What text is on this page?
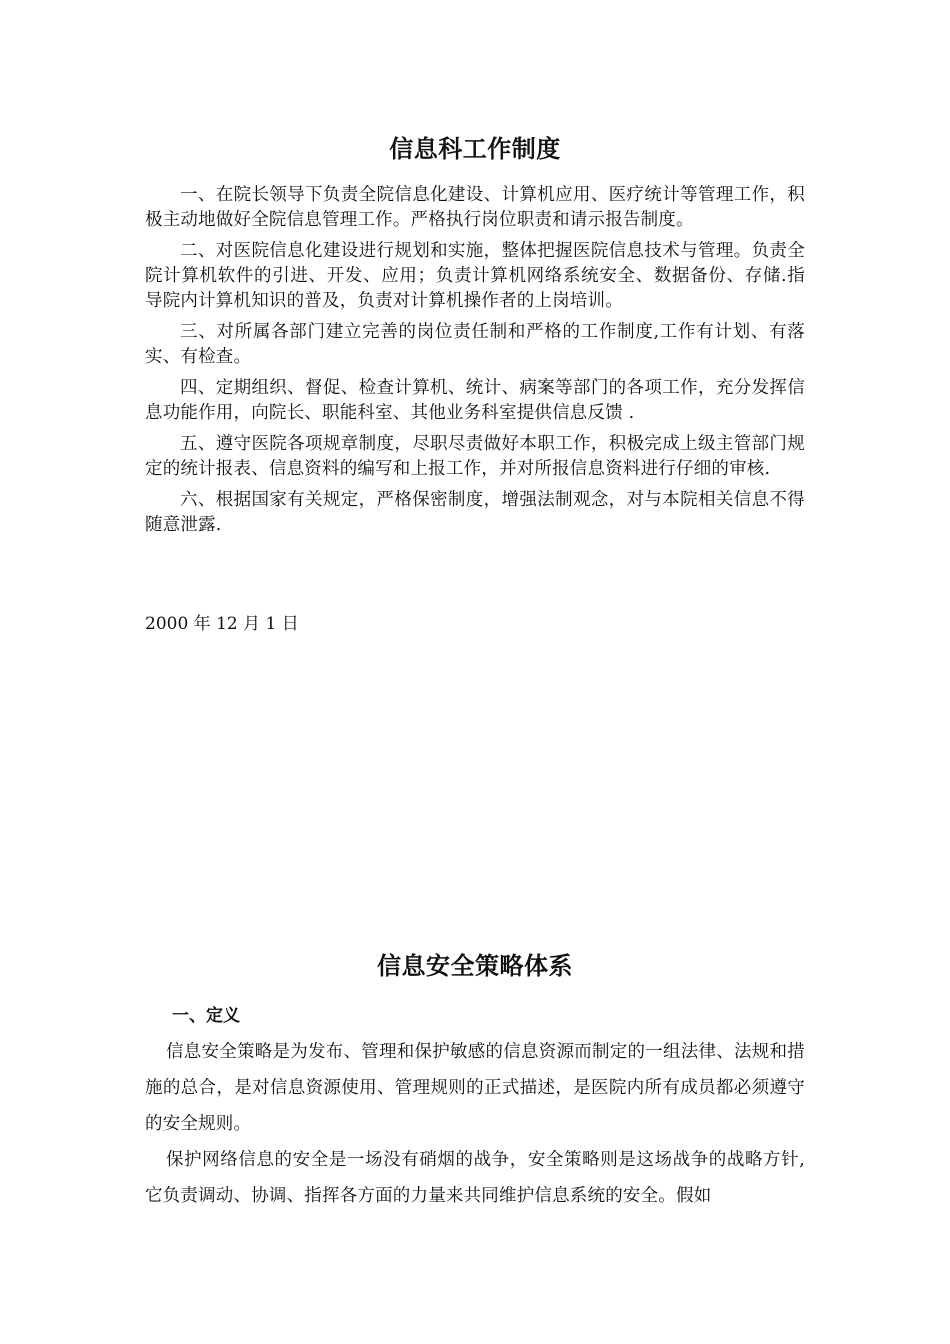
信息科工作制度

一、在院长领导下负责全院信息化建设、计算机应用、医疗统计等管理工作，积极主动地做好全院信息管理工作。严格执行岗位职责和请示报告制度。

二、对医院信息化建设进行规划和实施，整体把握医院信息技术与管理。负责全院计算机软件的引进、开发、应用；负责计算机网络系统安全、数据备份、存储.指导院内计算机知识的普及，负责对计算机操作者的上岗培训。

三、对所属各部门建立完善的岗位责任制和严格的工作制度,工作有计划、有落实、有检查。

四、定期组织、督促、检查计算机、统计、病案等部门的各项工作，充分发挥信息功能作用，向院长、职能科室、其他业务科室提供信息反馈 .

五、遵守医院各项规章制度，尽职尽责做好本职工作，积极完成上级主管部门规定的统计报表、信息资料的编写和上报工作，并对所报信息资料进行仔细的审核.

六、根据国家有关规定，严格保密制度，增强法制观念，对与本院相关信息不得随意泄露.

2000 年 12 月 1 日

信息安全策略体系

一、定义

信息安全策略是为发布、管理和保护敏感的信息资源而制定的一组法律、法规和措施的总合，是对信息资源使用、管理规则的正式描述，是医院内所有成员都必须遵守的安全规则。

保护网络信息的安全是一场没有硝烟的战争，安全策略则是这场战争的战略方针,它负责调动、协调、指挥各方面的力量来共同维护信息系统的安全。假如
